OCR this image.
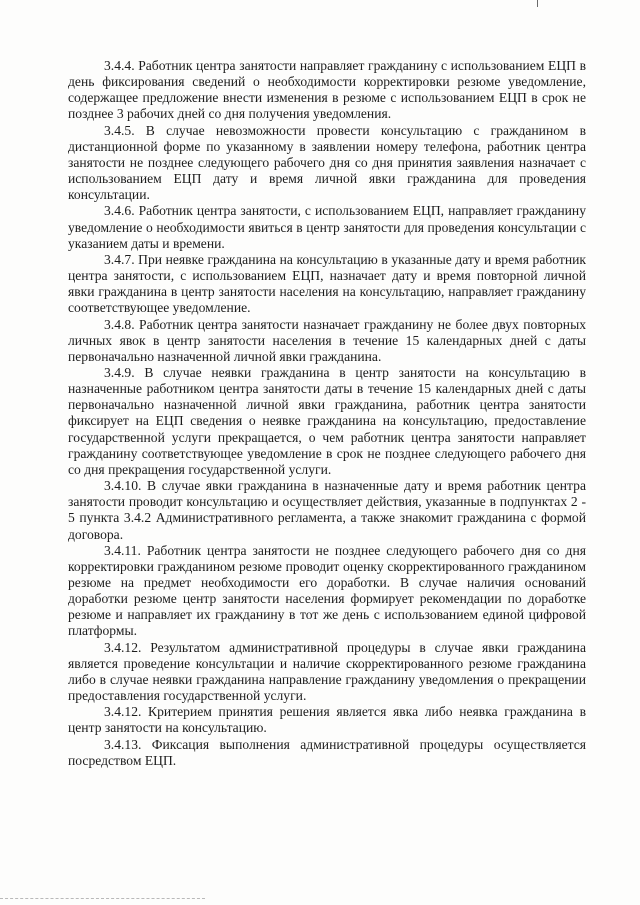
3.4.4. Работник центра занятости направляет гражданину с использованием ЕЦП в день фиксирования сведений о необходимости корректировки резюме уведомление, содержащее предложение внести изменения в резюме с использованием ЕЦП в срок не позднее 3 рабочих дней со дня получения уведомления.

3.4.5. В случае невозможности провести консультацию с гражданином в дистанционной форме по указанному в заявлении номеру телефона, работник центра занятости не позднее следующего рабочего дня со дня принятия заявления назначает с использованием ЕЦП дату и время личной явки гражданина для проведения консультации.

3.4.6. Работник центра занятости, с использованием ЕЦП, направляет гражданину уведомление о необходимости явиться в центр занятости для проведения консультации с указанием даты и времени.

3.4.7. При неявке гражданина на консультацию в указанные дату и время работник центра занятости, с использованием ЕЦП, назначает дату и время повторной личной явки гражданина в центр занятости населения на консультацию, направляет гражданину соответствующее уведомление.

3.4.8. Работник центра занятости назначает гражданину не более двух повторных личных явок в центр занятости населения в течение 15 календарных дней с даты первоначально назначенной личной явки гражданина.

3.4.9. В случае неявки гражданина в центр занятости на консультацию в назначенные работником центра занятости даты в течение 15 календарных дней с даты первоначально назначенной личной явки гражданина, работник центра занятости фиксирует на ЕЦП сведения о неявке гражданина на консультацию, предоставление государственной услуги прекращается, о чем работник центра занятости направляет гражданину соответствующее уведомление в срок не позднее следующего рабочего дня со дня прекращения государственной услуги.

3.4.10. В случае явки гражданина в назначенные дату и время работник центра занятости проводит консультацию и осуществляет действия, указанные в подпунктах 2 - 5 пункта 3.4.2 Административного регламента, а также знакомит гражданина с формой договора.

3.4.11. Работник центра занятости не позднее следующего рабочего дня со дня корректировки гражданином резюме проводит оценку скорректированного гражданином резюме на предмет необходимости его доработки. В случае наличия оснований доработки резюме центр занятости населения формирует рекомендации по доработке резюме и направляет их гражданину в тот же день с использованием единой цифровой платформы.

3.4.12. Результатом административной процедуры в случае явки гражданина является проведение консультации и наличие скорректированного резюме гражданина либо в случае неявки гражданина направление гражданину уведомления о прекращении предоставления государственной услуги.

3.4.12. Критерием принятия решения является явка либо неявка гражданина в центр занятости на консультацию.

3.4.13. Фиксация выполнения административной процедуры осуществляется посредством ЕЦП.
